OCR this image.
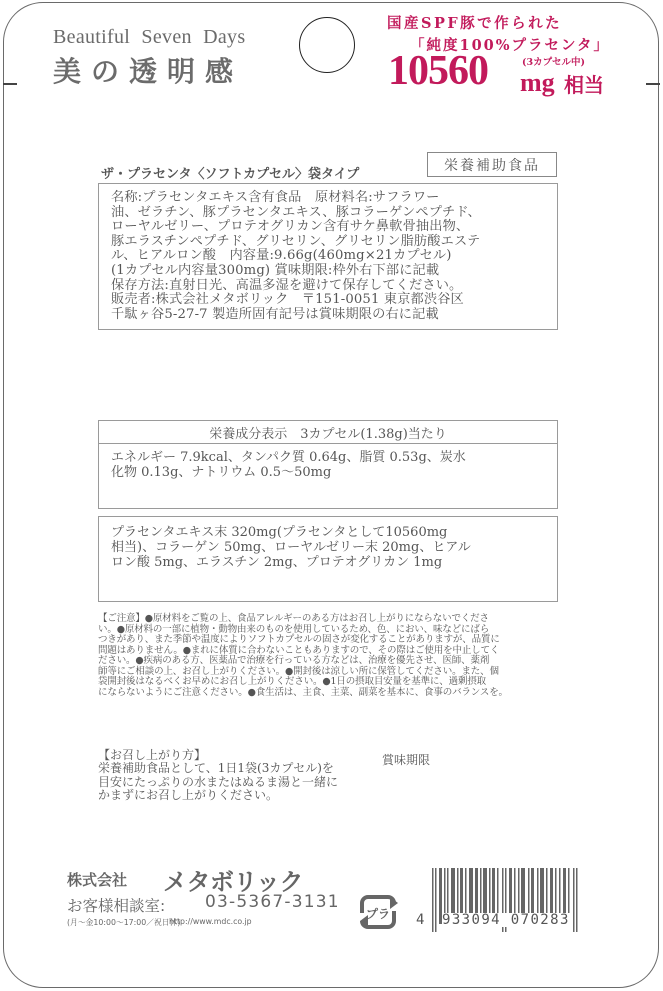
Beautiful Seven Days
美の透明感
国産SPF豚で作られた
「純度100%プラセンタ」
10560	(3カプセル中)
mg 相当
ザ・プラセンタ〈ソフトカプセル〉袋タイプ
栄養補助食品
名称:プラセンタエキス含有食品　原材料名:サフラワー
油、ゼラチン、豚プラセンタエキス、豚コラーゲンペプチド、
ローヤルゼリー、プロテオグリカン含有サケ鼻軟骨抽出物、
豚エラスチンペプチド、グリセリン、グリセリン脂肪酸エステ
ル、ヒアルロン酸　内容量:9.66g(460mg×21カプセル)
(1カプセル内容量300mg) 賞味期限:枠外右下部に記載
保存方法:直射日光、高温多湿を避けて保存してください。
販売者:株式会社メタボリック　〒151-0051 東京都渋谷区
千駄ヶ谷5-27-7 製造所固有記号は賞味期限の右に記載
栄養成分表示　3カプセル(1.38g)当たり
エネルギー 7.9kcal、タンパク質 0.64g、脂質 0.53g、炭水
化物 0.13g、ナトリウム 0.5～50mg
プラセンタエキス末 320mg(プラセンタとして10560mg
相当)、コラーゲン 50mg、ローヤルゼリー末 20mg、ヒアル
ロン酸 5mg、エラスチン 2mg、プロテオグリカン 1mg
【ご注意】●原材料をご覧の上、食品アレルギーのある方はお召し上がりにならないでくださ
い。●原材料の一部に植物・動物由来のものを使用しているため、色、におい、味などにばら
つきがあり、また季節や温度によりソフトカプセルの固さが変化することがありますが、品質に
問題はありません。●まれに体質に合わないこともありますので、その際はご使用を中止してく
ださい。●疾病のある方、医薬品で治療を行っている方などは、治療を優先させ、医師、薬剤
師等にご相談の上、お召し上がりください。●開封後は涼しい所に保管してください。また、個
袋開封後はなるべくお早めにお召し上がりください。●1日の摂取目安量を基準に、過剰摂取
にならないようにご注意ください。●食生活は、主食、主菜、副菜を基本に、食事のバランスを。
【お召し上がり方】
栄養補助食品として、1日1袋(3カプセル)を
目安にたっぷりの水またはぬるま湯と一緒に
かまずにお召し上がりください。
賞味期限
株式会社 メタボリック
お客様相談室: 03-5367-3131
(月～金10:00～17:00／祝日休)
http://www.mdc.co.jp
プラ 4 933094 070283
